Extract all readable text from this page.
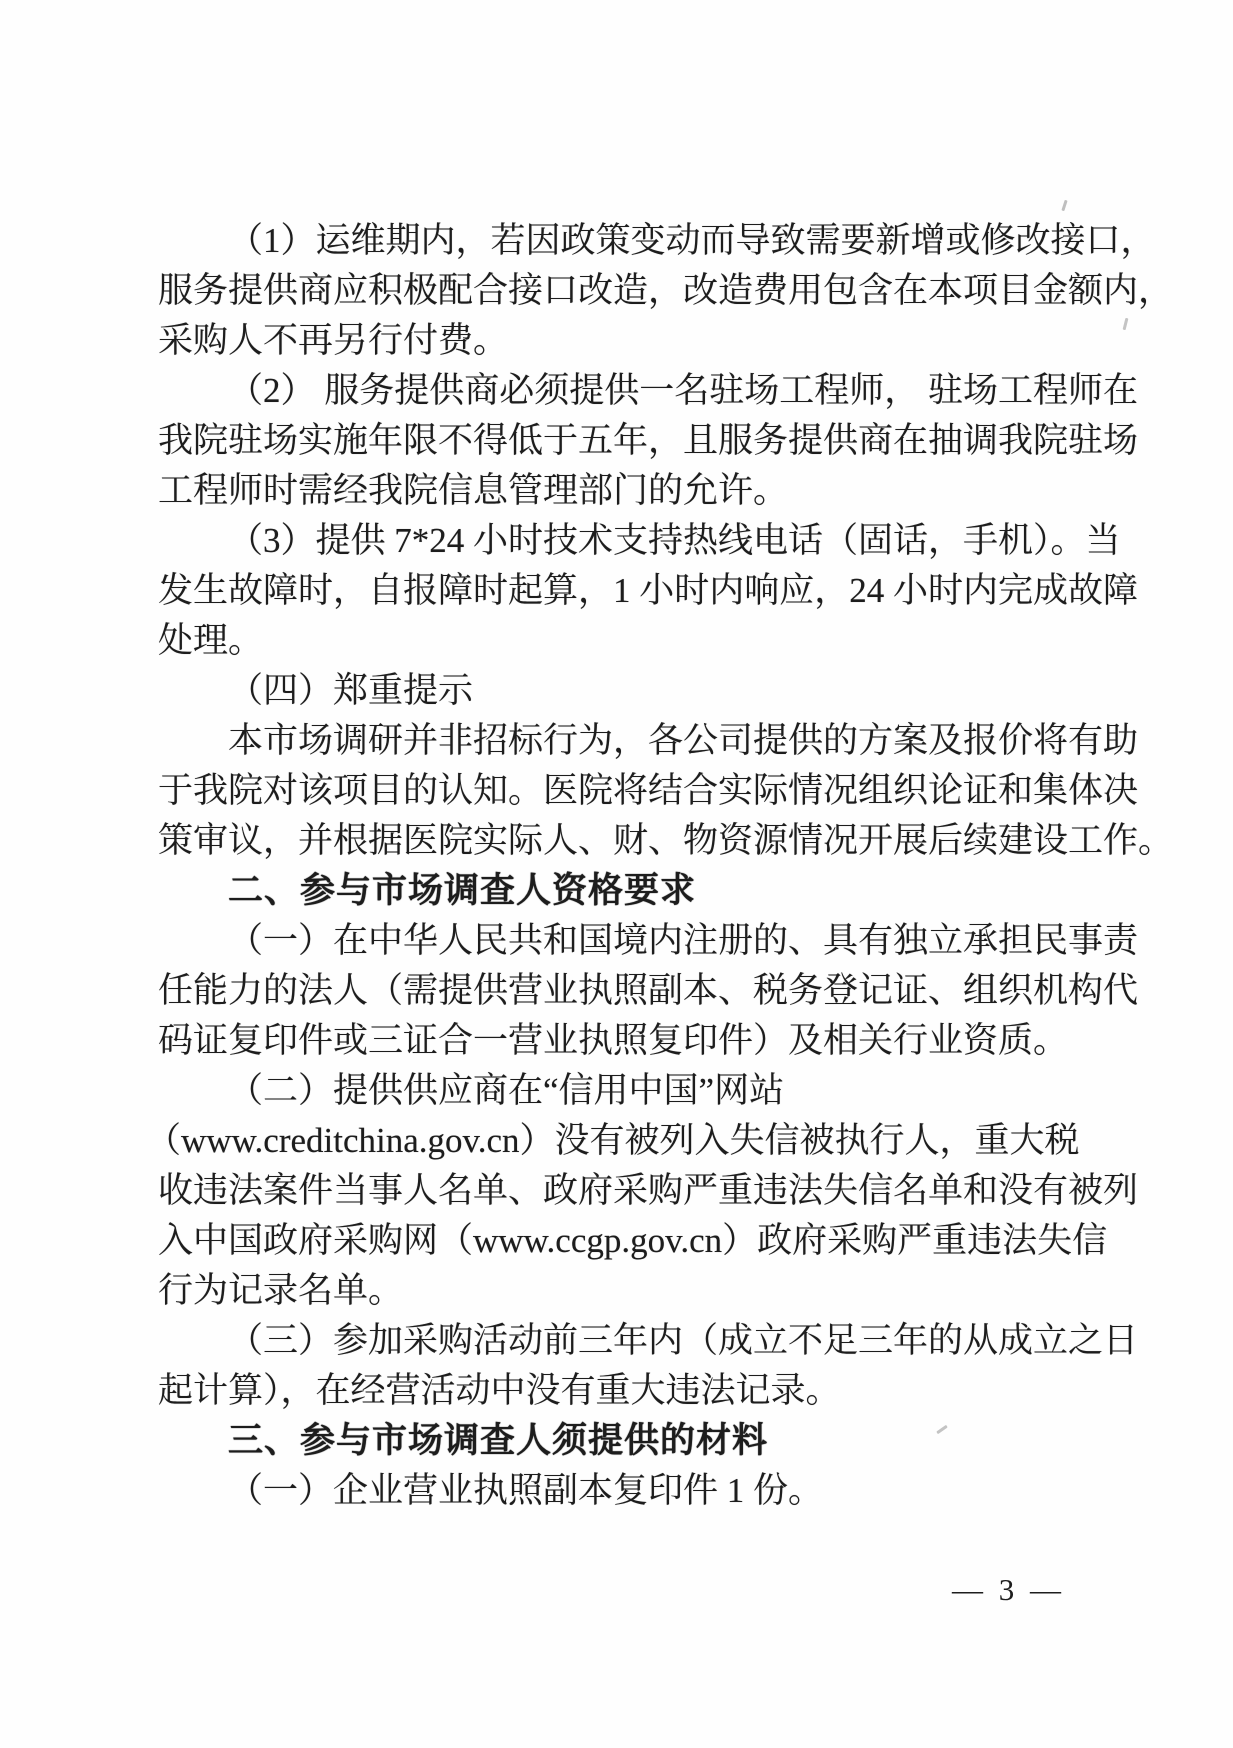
（1）运维期内，若因政策变动而导致需要新增或修改接口，
服务提供商应积极配合接口改造，改造费用包含在本项目金额内，
采购人不再另行付费。
（2） 服务提供商必须提供一名驻场工程师， 驻场工程师在
我院驻场实施年限不得低于五年，且服务提供商在抽调我院驻场
工程师时需经我院信息管理部门的允许。
（3）提供 7*24 小时技术支持热线电话（固话，手机）。当
发生故障时，自报障时起算，1 小时内响应，24 小时内完成故障
处理。
（四）郑重提示
本市场调研并非招标行为，各公司提供的方案及报价将有助
于我院对该项目的认知。医院将结合实际情况组织论证和集体决
策审议，并根据医院实际人、财、物资源情况开展后续建设工作。
二、参与市场调查人资格要求
（一）在中华人民共和国境内注册的、具有独立承担民事责
任能力的法人（需提供营业执照副本、税务登记证、组织机构代
码证复印件或三证合一营业执照复印件）及相关行业资质。
（二）提供供应商在“信用中国”网站
（www.creditchina.gov.cn）没有被列入失信被执行人，重大税
收违法案件当事人名单、政府采购严重违法失信名单和没有被列
入中国政府采购网（www.ccgp.gov.cn）政府采购严重违法失信
行为记录名单。
（三）参加采购活动前三年内（成立不足三年的从成立之日
起计算），在经营活动中没有重大违法记录。
三、参与市场调查人须提供的材料
（一）企业营业执照副本复印件 1 份。
— 3 —
